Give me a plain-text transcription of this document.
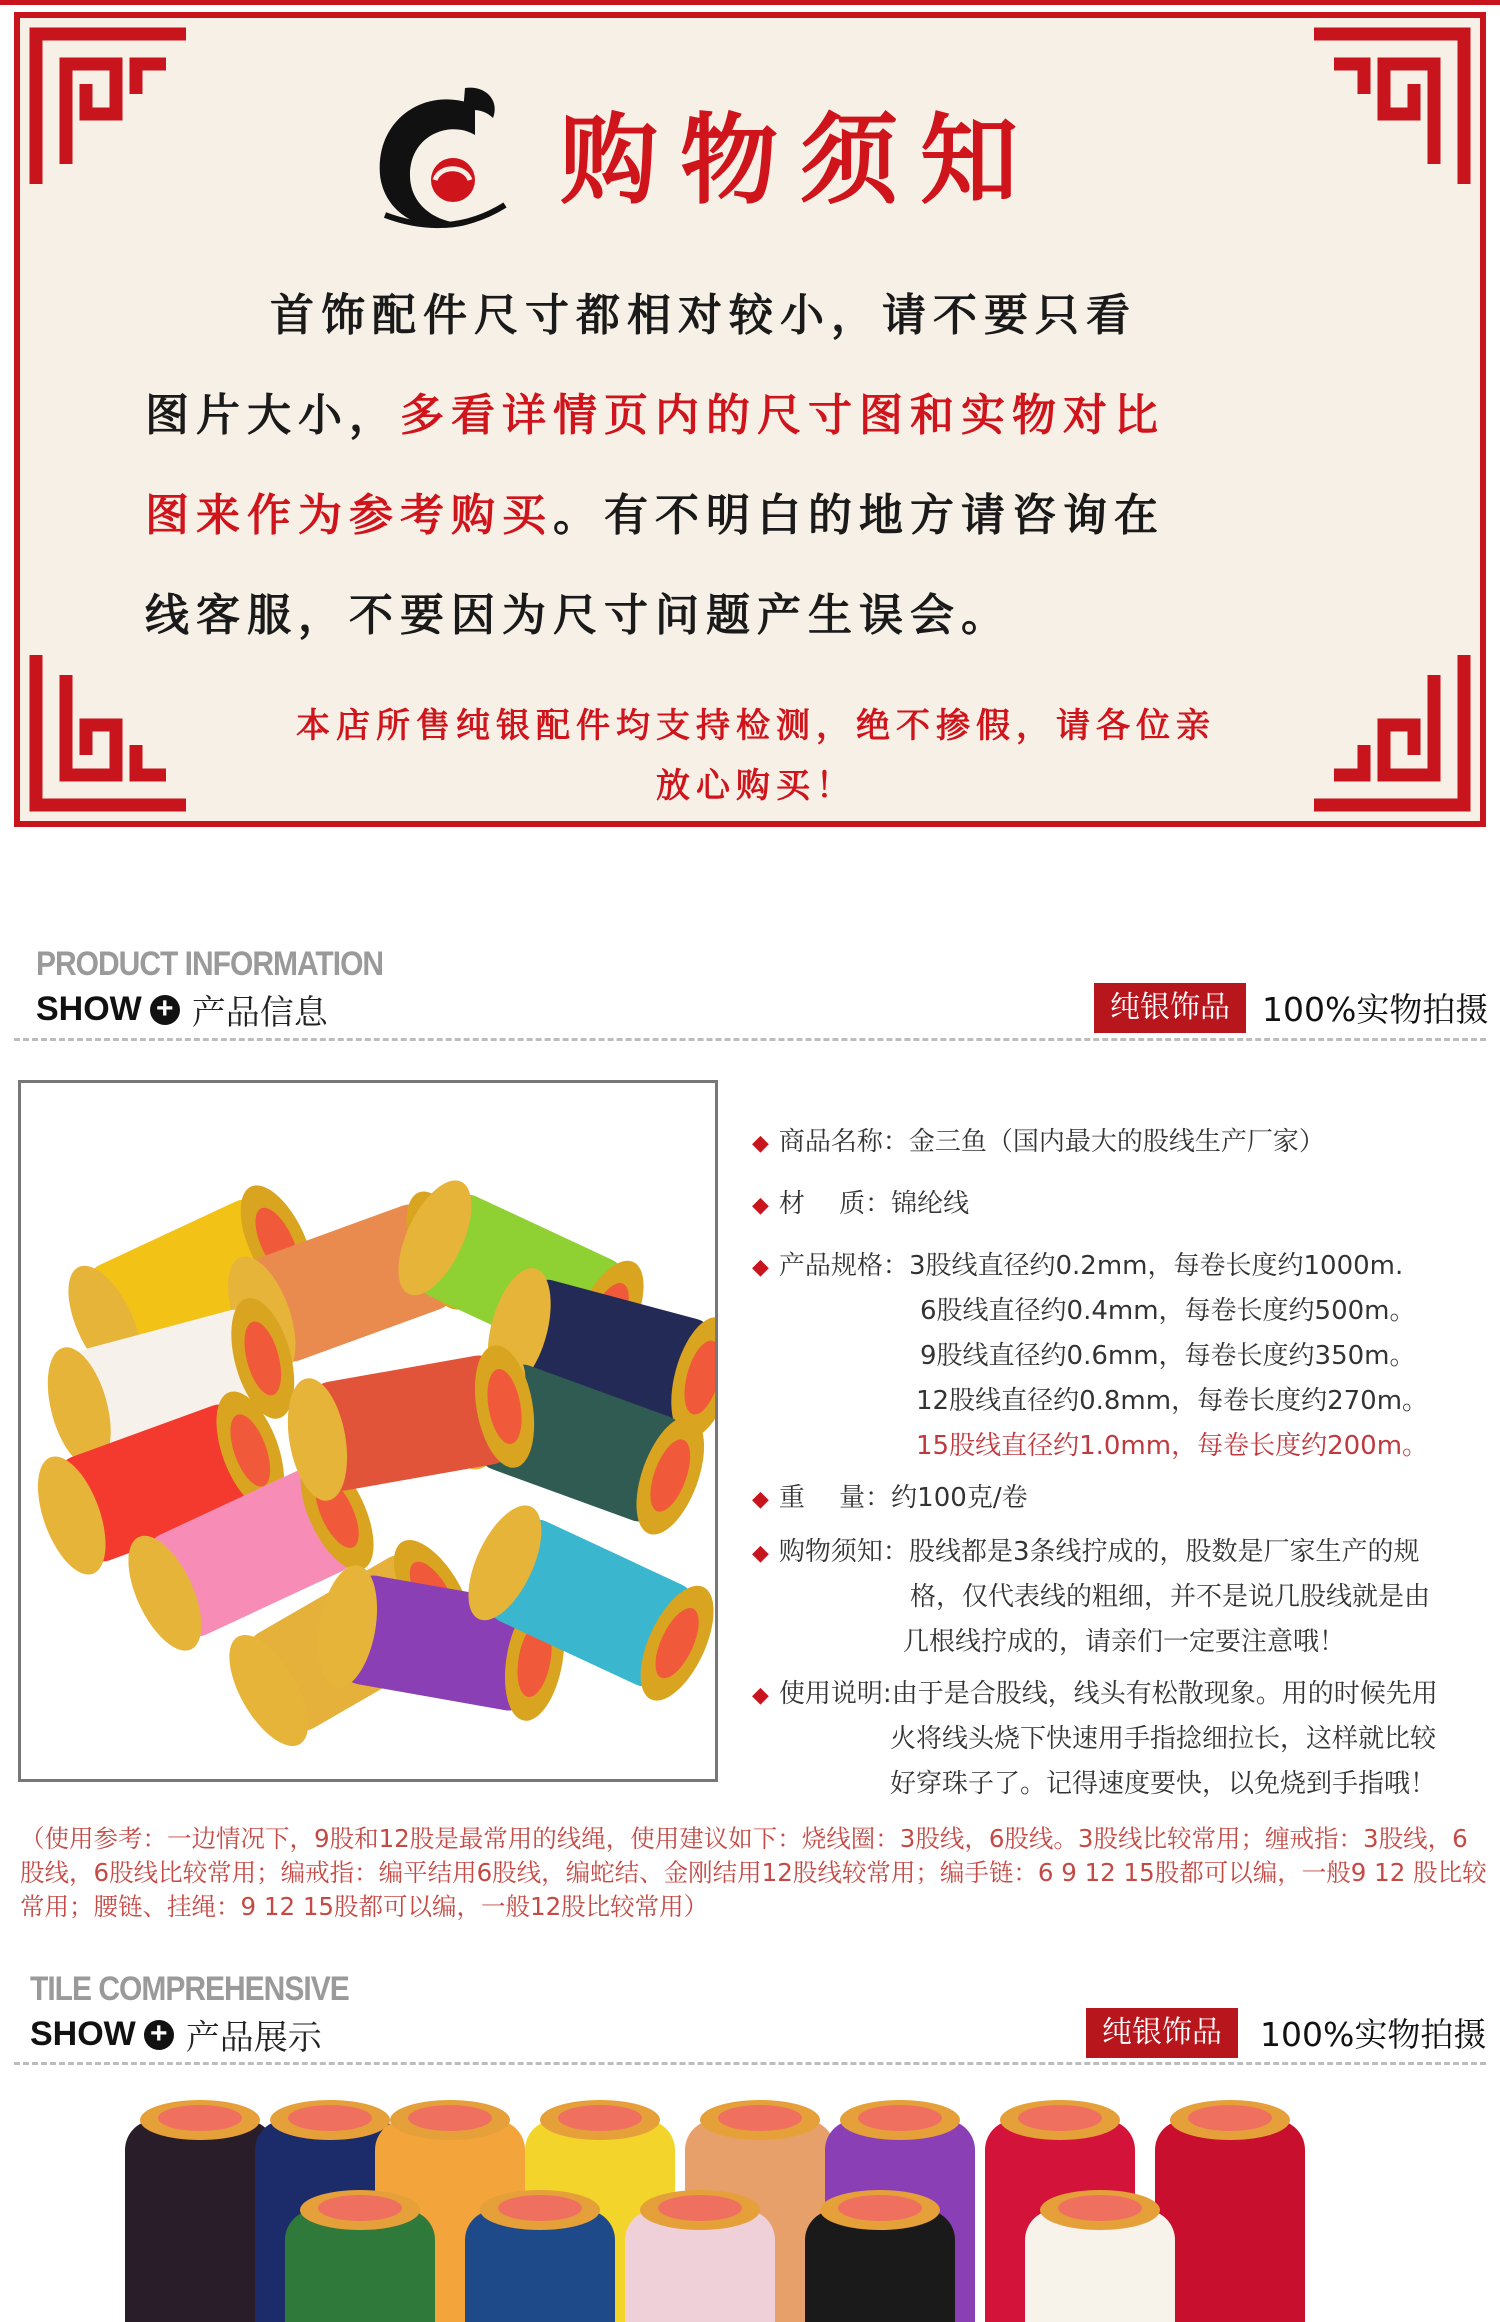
购物须知
首饰配件尺寸都相对较小，请不要只看
图片大小，多看详情页内的尺寸图和实物对比
图来作为参考购买。有不明白的地方请咨询在
线客服，不要因为尺寸问题产生误会。
本店所售纯银配件均支持检测，绝不掺假，请各位亲
放心购买！
PRODUCT INFORMATION
SHOW + 产品信息	纯银饰品 100%实物拍摄
◆ 商品名称：金三鱼（国内最大的股线生产厂家）
◆ 材　 质：锦纶线
◆ 产品规格：3股线直径约0.2mm，每卷长度约1000m.
6股线直径约0.4mm，每卷长度约500m。
9股线直径约0.6mm，每卷长度约350m。
12股线直径约0.8mm，每卷长度约270m。
15股线直径约1.0mm，每卷长度约200m。
◆ 重　 量：约100克/卷
◆ 购物须知：股线都是3条线拧成的，股数是厂家生产的规
格，仅代表线的粗细，并不是说几股线就是由
几根线拧成的，请亲们一定要注意哦！
◆ 使用说明:由于是合股线，线头有松散现象。用的时候先用
火将线头烧下快速用手指捻细拉长，这样就比较
好穿珠子了。记得速度要快，以免烧到手指哦！
（使用参考：一边情况下，9股和12股是最常用的线绳，使用建议如下：烧线圈：3股线，6股线。3股线比较常用；缠戒指：3股线，6股线，6股线比较常用；编戒指：编平结用6股线，编蛇结、金刚结用12股线较常用；编手链：6 9 12 15股都可以编，一般9 12 股比较常用；腰链、挂绳：9 12 15股都可以编，一般12股比较常用）
TILE COMPREHENSIVE
SHOW + 产品展示	纯银饰品	100%实物拍摄
